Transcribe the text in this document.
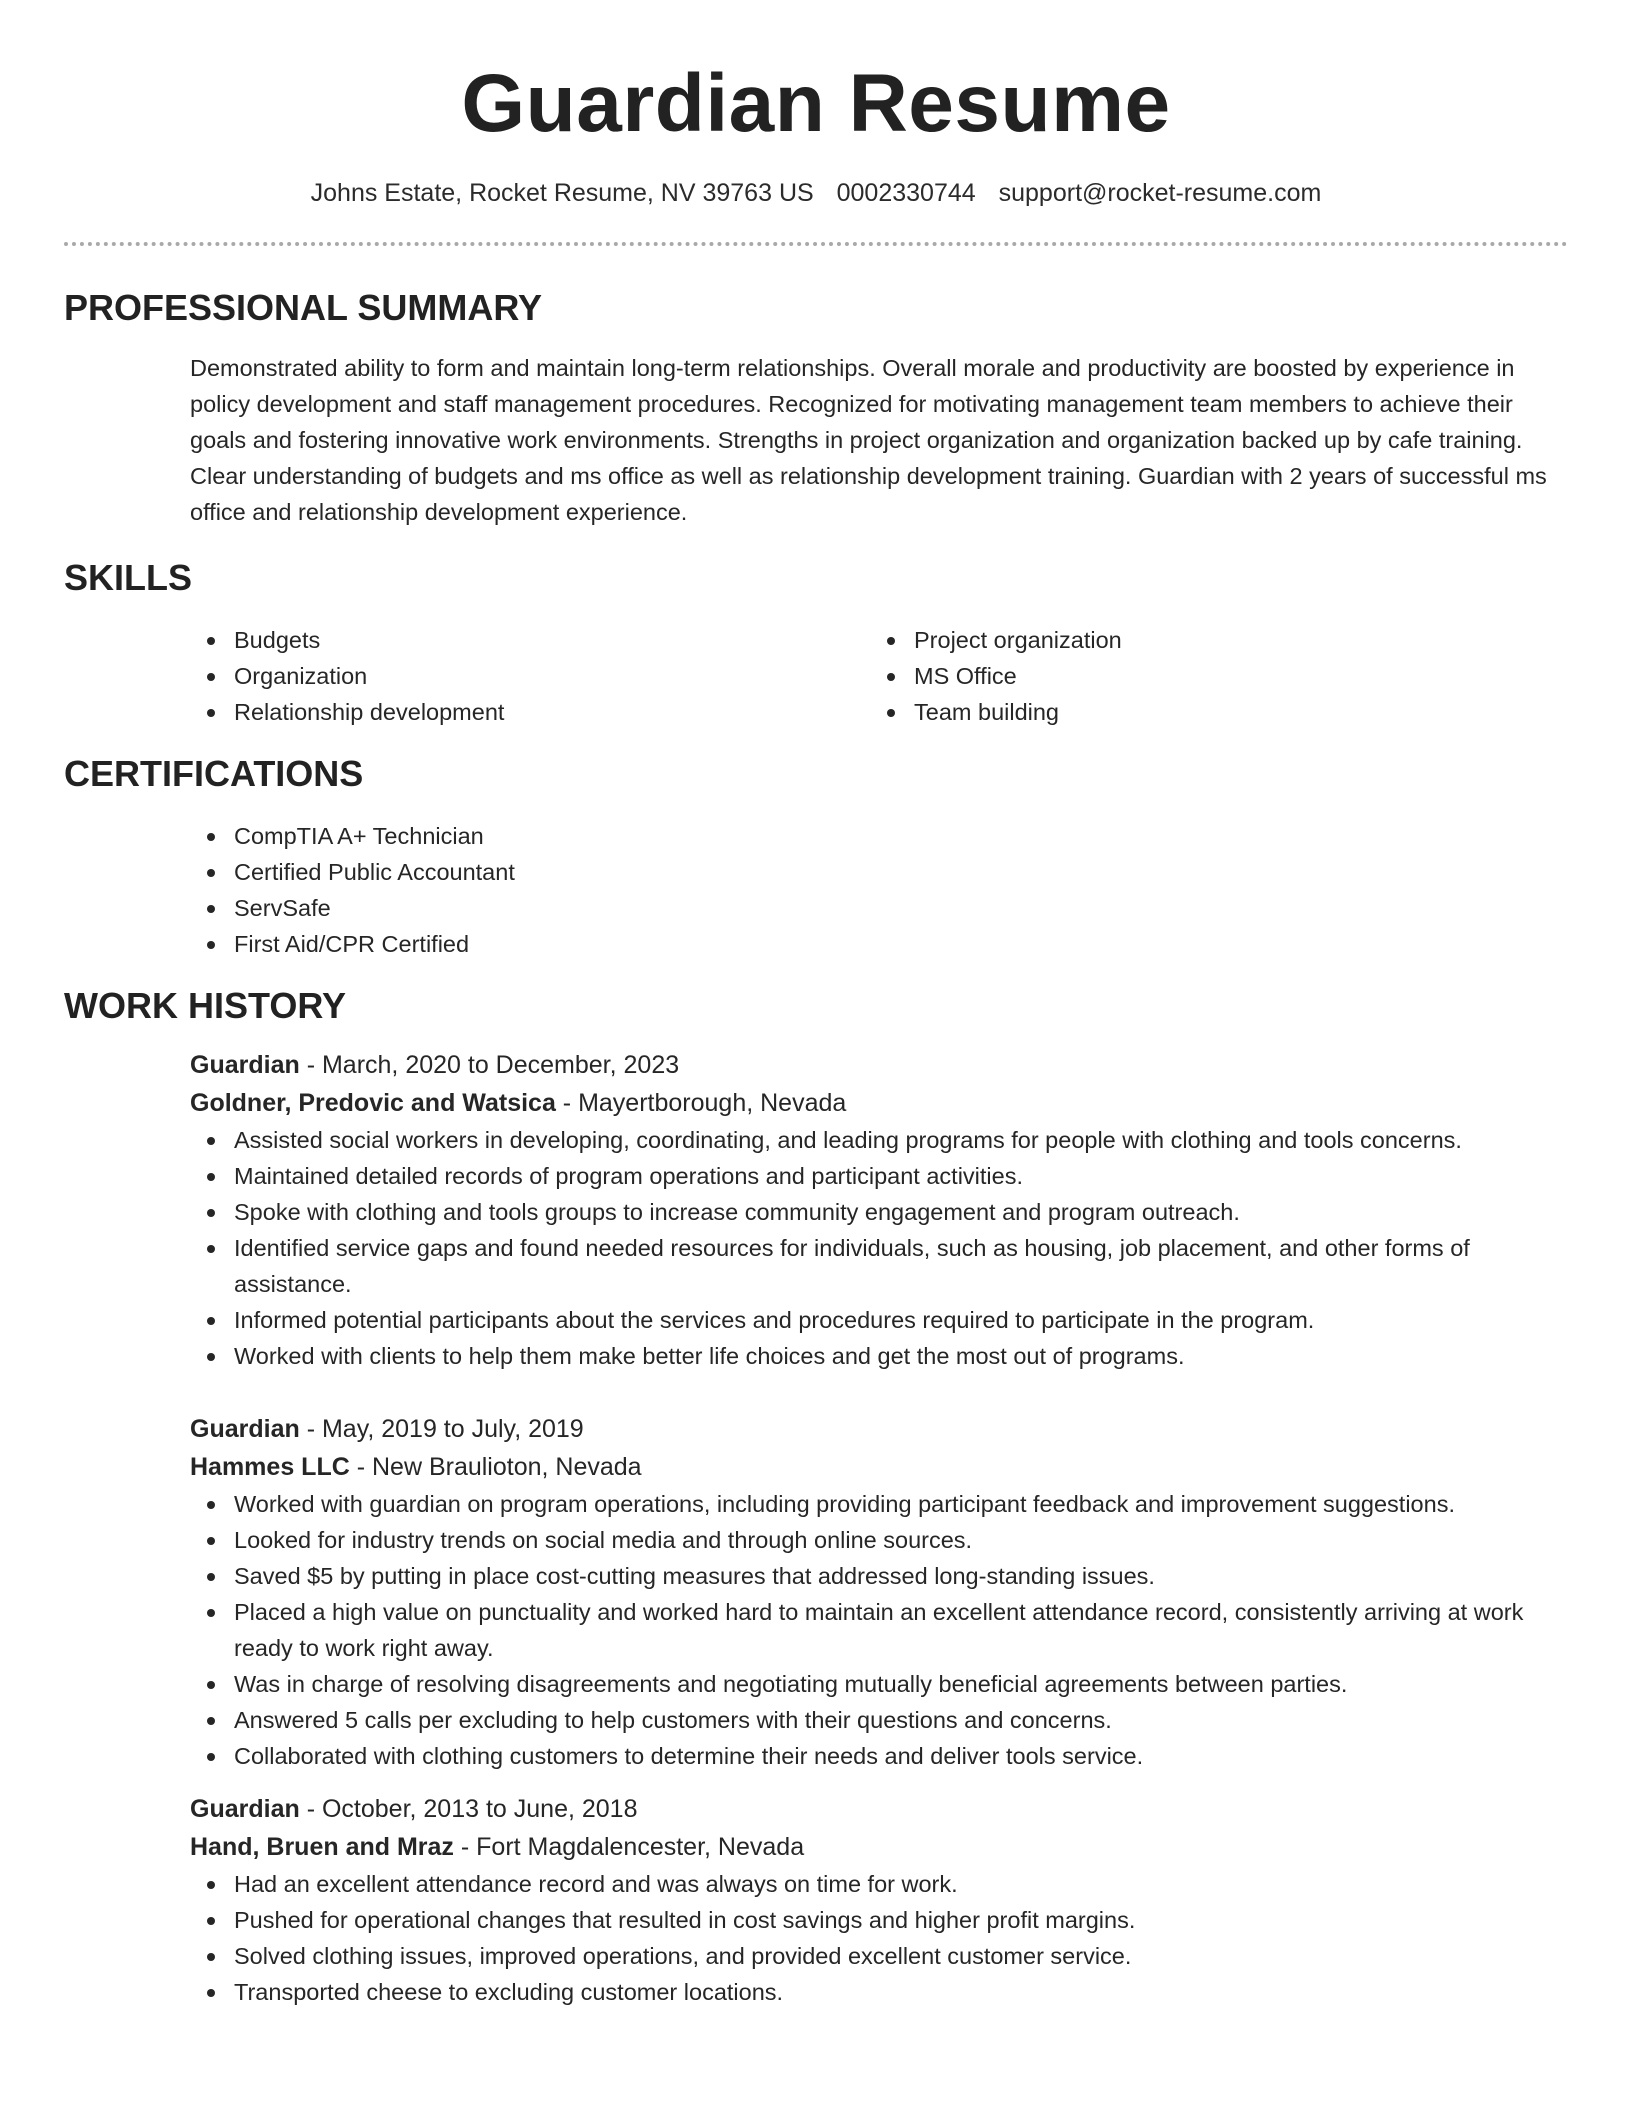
Guardian Resume
Johns Estate, Rocket Resume, NV 39763 US 0002330744 support@rocket-resume.com
PROFESSIONAL SUMMARY
Demonstrated ability to form and maintain long-term relationships. Overall morale and productivity are boosted by experience in policy development and staff management procedures. Recognized for motivating management team members to achieve their goals and fostering innovative work environments. Strengths in project organization and organization backed up by cafe training. Clear understanding of budgets and ms office as well as relationship development training. Guardian with 2 years of successful ms office and relationship development experience.
SKILLS
Budgets
Organization
Relationship development
Project organization
MS Office
Team building
CERTIFICATIONS
CompTIA A+ Technician
Certified Public Accountant
ServSafe
First Aid/CPR Certified
WORK HISTORY
Guardian - March, 2020 to December, 2023
Goldner, Predovic and Watsica - Mayertborough, Nevada
Assisted social workers in developing, coordinating, and leading programs for people with clothing and tools concerns.
Maintained detailed records of program operations and participant activities.
Spoke with clothing and tools groups to increase community engagement and program outreach.
Identified service gaps and found needed resources for individuals, such as housing, job placement, and other forms of assistance.
Informed potential participants about the services and procedures required to participate in the program.
Worked with clients to help them make better life choices and get the most out of programs.
Guardian - May, 2019 to July, 2019
Hammes LLC - New Braulioton, Nevada
Worked with guardian on program operations, including providing participant feedback and improvement suggestions.
Looked for industry trends on social media and through online sources.
Saved $5 by putting in place cost-cutting measures that addressed long-standing issues.
Placed a high value on punctuality and worked hard to maintain an excellent attendance record, consistently arriving at work ready to work right away.
Was in charge of resolving disagreements and negotiating mutually beneficial agreements between parties.
Answered 5 calls per excluding to help customers with their questions and concerns.
Collaborated with clothing customers to determine their needs and deliver tools service.
Guardian - October, 2013 to June, 2018
Hand, Bruen and Mraz - Fort Magdalencester, Nevada
Had an excellent attendance record and was always on time for work.
Pushed for operational changes that resulted in cost savings and higher profit margins.
Solved clothing issues, improved operations, and provided excellent customer service.
Transported cheese to excluding customer locations.
